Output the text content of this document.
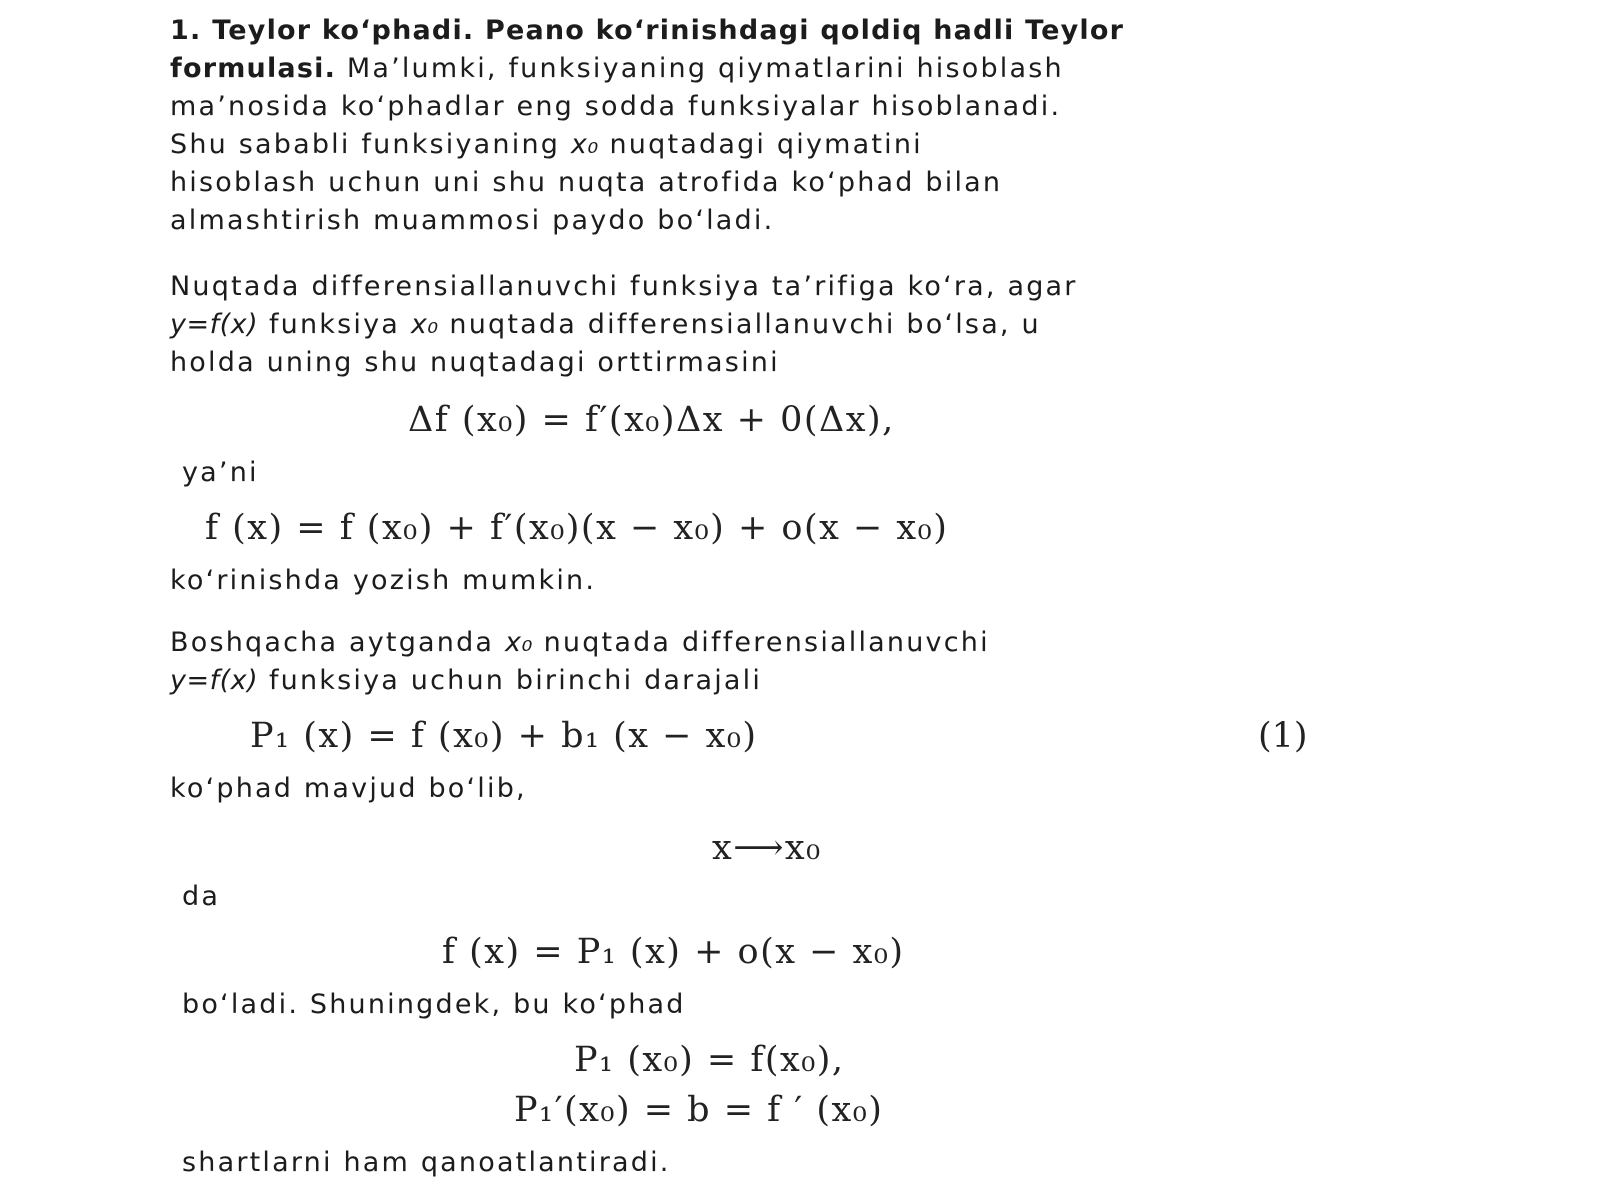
1. Teylor ko‘phadi. Peano ko‘rinishdagi qoldiq hadli Teylor
formulasi. Ma’lumki, funksiyaning qiymatlarini hisoblash
ma’nosida ko‘phadlar eng sodda funksiyalar hisoblanadi.
Shu sababli funksiyaning x₀ nuqtadagi qiymatini
hisoblash uchun uni shu nuqta atrofida ko‘phad bilan
almashtirish muammosi paydo bo‘ladi.
Nuqtada differensiallanuvchi funksiya ta’rifiga ko‘ra, agar
y=f(x) funksiya x₀ nuqtada differensiallanuvchi bo‘lsa, u
holda uning shu nuqtadagi orttirmasini
Δf (x₀) = f′(x₀)Δx + 0(Δx),
ya’ni
f (x) = f (x₀) + f′(x₀)(x − x₀) + o(x − x₀)
ko‘rinishda yozish mumkin.
Boshqacha aytganda x₀ nuqtada differensiallanuvchi
y=f(x) funksiya uchun birinchi darajali
P₁ (x) = f (x₀) + b₁ (x − x₀)	(1)
ko‘phad mavjud bo‘lib,
x⟶x₀
da
f (x) = P₁ (x) + o(x − x₀)
bo‘ladi. Shuningdek, bu ko‘phad
P₁ (x₀) = f(x₀),
P₁′(x₀) = b = f ′ (x₀)
shartlarni ham qanoatlantiradi.
